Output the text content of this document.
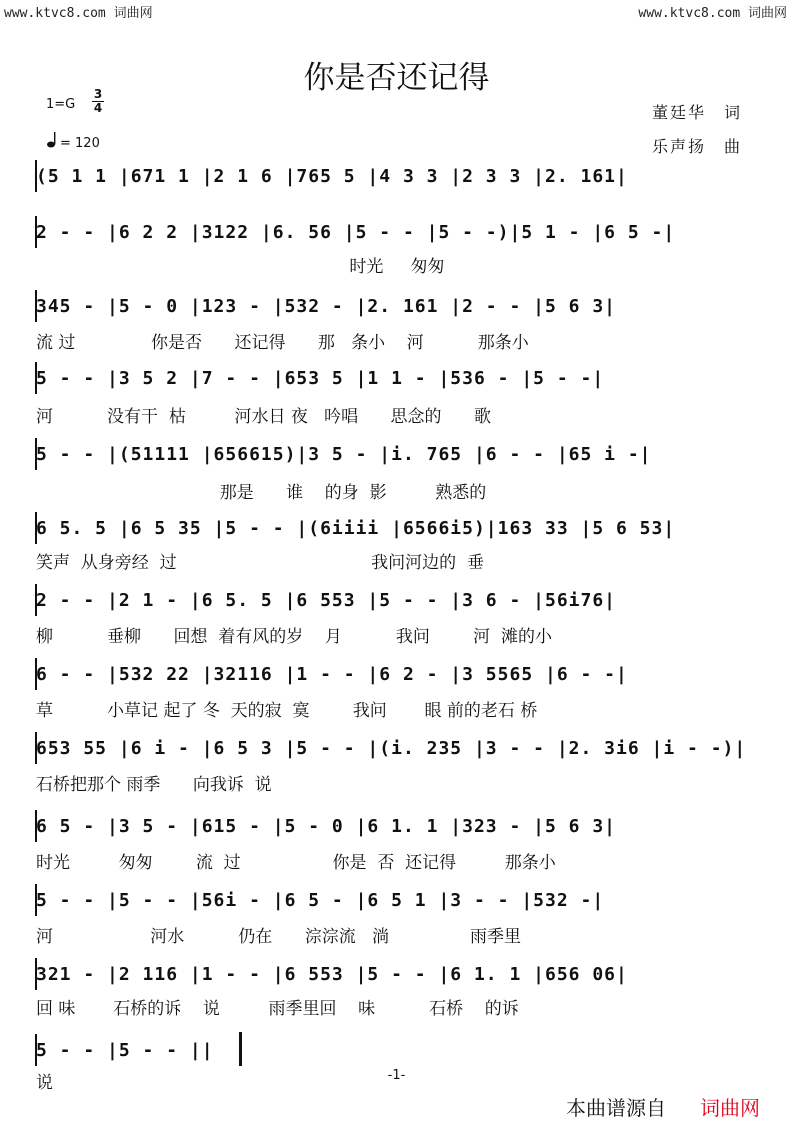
www.ktvc8.com 词曲网	www.ktvc8.com 词曲网
你是否还记得
1=G
3
4
= 120
董廷华　词
乐声扬　曲
(5 1 1 |671 1 |2 1 6 |765 5 |4 3 3 |2 3 3 |2. 161|
2 - - |6 2 2 |3122 |6. 56 |5 - - |5 - -)|5 1 - |6 5 -|
时光     匆匆
345 - |5 - 0 |123 - |532 - |2. 161 |2 - - |5 6 3|
流 过              你是否      还记得      那   条小    河          那条小
5 - - |3 5 2 |7 - - |653 5 |1 1 - |536 - |5 - -|
河          没有干  枯         河水日 夜   吟唱      思念的      歌
5 - - |(51111 |656615)|3 5 - |i. 765 |6 - - |65 i -|
那是      谁    的身  影         熟悉的
6 5. 5 |6 5 35 |5 - - |(6iiii |6566i5)|163 33 |5 6 53|
笑声  从身旁经  过                                    我问河边的  垂
2 - - |2 1 - |6 5. 5 |6 553 |5 - - |3 6 - |56i76|
柳          垂柳      回想  着有风的岁    月          我问        河  滩的小
6 - - |532 22 |32116 |1 - - |6 2 - |3 5565 |6 - -|
草          小草记 起了 冬  天的寂  寞        我问       眼 前的老石 桥
653 55 |6 i - |6 5 3 |5 - - |(i. 235 |3 - - |2. 3i6 |i - -)|
石桥把那个 雨季      向我诉  说
6 5 - |3 5 - |615 - |5 - 0 |6 1. 1 |323 - |5 6 3|
时光         匆匆        流  过                 你是  否  还记得         那条小
5 - - |5 - - |56i - |6 5 - |6 5 1 |3 - - |532 -|
河                  河水          仍在      淙淙流   淌               雨季里
321 - |2 116 |1 - - |6 553 |5 - - |6 1. 1 |656 06|
回 味       石桥的诉    说         雨季里回    味          石桥    的诉
5 - - |5 - - ||
说	-1-
本曲谱源自 词曲网
